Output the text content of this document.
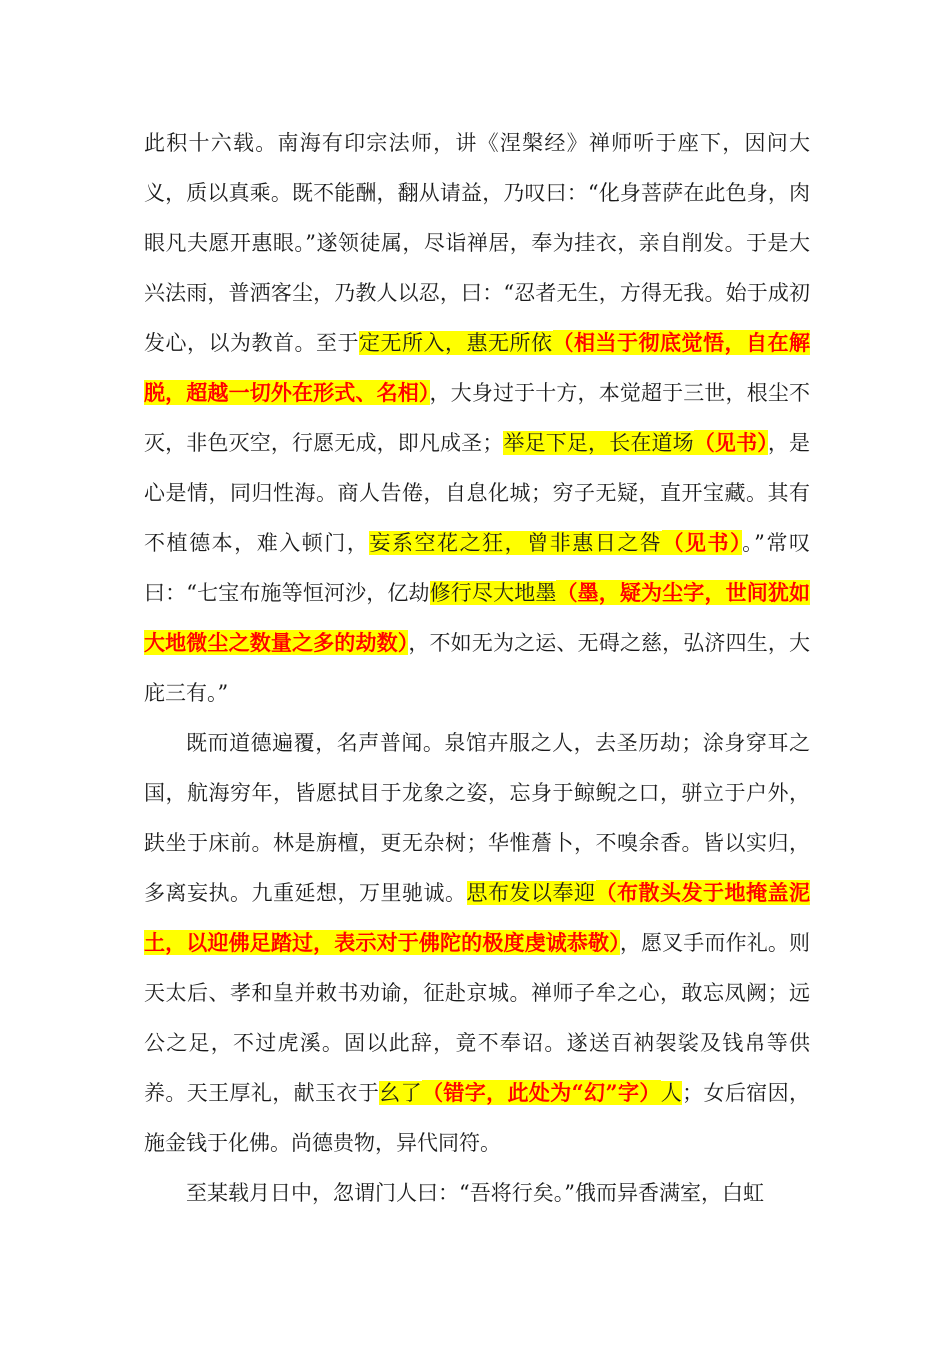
此积十六载。南海有印宗法师，讲《涅槃经》禅师听于座下，因问大义，质以真乘。既不能酬，翻从请益，乃叹曰：“化身菩萨在此色身，肉眼凡夫愿开惠眼。”遂领徒属，尽诣禅居，奉为挂衣，亲自削发。于是大兴法雨，普洒客尘，乃教人以忍，曰：“忍者无生，方得无我。始于成初发心，以为教首。至于定无所入，惠无所依（相当于彻底觉悟，自在解脱，超越一切外在形式、名相），大身过于十方，本觉超于三世，根尘不灭，非色灭空，行愿无成，即凡成圣；举足下足，长在道场（见书），是心是情，同归性海。商人告倦，自息化城；穷子无疑，直开宝藏。其有不植德本，难入顿门，妄系空花之狂，曾非惠日之咎（见书）。”常叹曰：“七宝布施等恒河沙，亿劫修行尽大地墨（墨，疑为尘字，世间犹如大地微尘之数量之多的劫数），不如无为之运、无碍之慈，弘济四生，大庇三有。”

既而道德遍覆，名声普闻。泉馆卉服之人，去圣历劫；涂身穿耳之国，航海穷年，皆愿拭目于龙象之姿，忘身于鲸鲵之口，骈立于户外，趺坐于床前。林是旃檀，更无杂树；华惟薝卜，不嗅余香。皆以实归，多离妄执。九重延想，万里驰诚。思布发以奉迎（布散头发于地掩盖泥土，以迎佛足踏过，表示对于佛陀的极度虔诚恭敬），愿叉手而作礼。则天太后、孝和皇并敕书劝谕，征赴京城。禅师子牟之心，敢忘凤阙；远公之足，不过虎溪。固以此辞，竟不奉诏。遂送百衲袈裟及钱帛等供养。天王厚礼，献玉衣于幺了（错字，此处为“幻”字）人；女后宿因，施金钱于化佛。尚德贵物，异代同符。

至某载月日中，忽谓门人曰：“吾将行矣。”俄而异香满室，白虹
